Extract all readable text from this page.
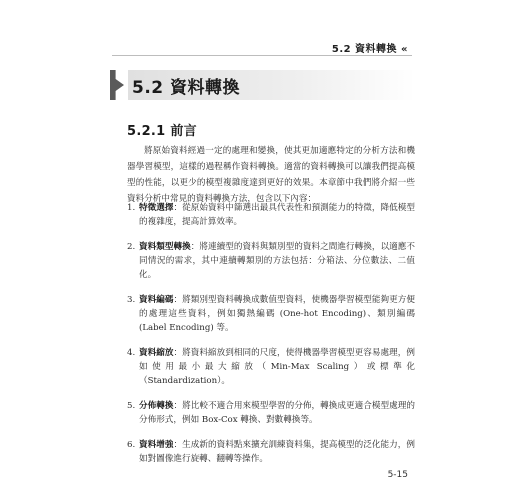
5.2 資料轉換 «
5.2 資料轉換
5.2.1 前言

將原始資料經過一定的處理和變換，使其更加適應特定的分析方法和機器學習模型，這樣的過程稱作資料轉換。適當的資料轉換可以讓我們提高模型的性能，以更少的模型複雜度達到更好的效果。本章節中我們將介紹一些資料分析中常見的資料轉換方法，包含以下內容：

1. 特徵選擇：從原始資料中篩選出最具代表性和預測能力的特徵，降低模型的複雜度，提高計算效率。
2. 資料類型轉換：將連續型的資料與類別型的資料之間進行轉換，以適應不同情況的需求，其中連續轉類別的方法包括：分箱法、分位數法、二值化。
3. 資料編碼：將類別型資料轉換成數值型資料，使機器學習模型能夠更方便的處理這些資料，例如獨熱編碼 (One-hot Encoding)、類別編碼 (Label Encoding) 等。
4. 資料縮放：將資料縮放到相同的尺度，使得機器學習模型更容易處理，例如使用最小最大縮放（Min-Max Scaling）或標準化（Standardization）。
5. 分佈轉換：將比較不適合用來模型學習的分佈，轉換成更適合模型處理的分佈形式，例如 Box-Cox 轉換、對數轉換等。
6. 資料增強：生成新的資料點來擴充訓練資料集，提高模型的泛化能力，例如對圖像進行旋轉、翻轉等操作。
5-15
